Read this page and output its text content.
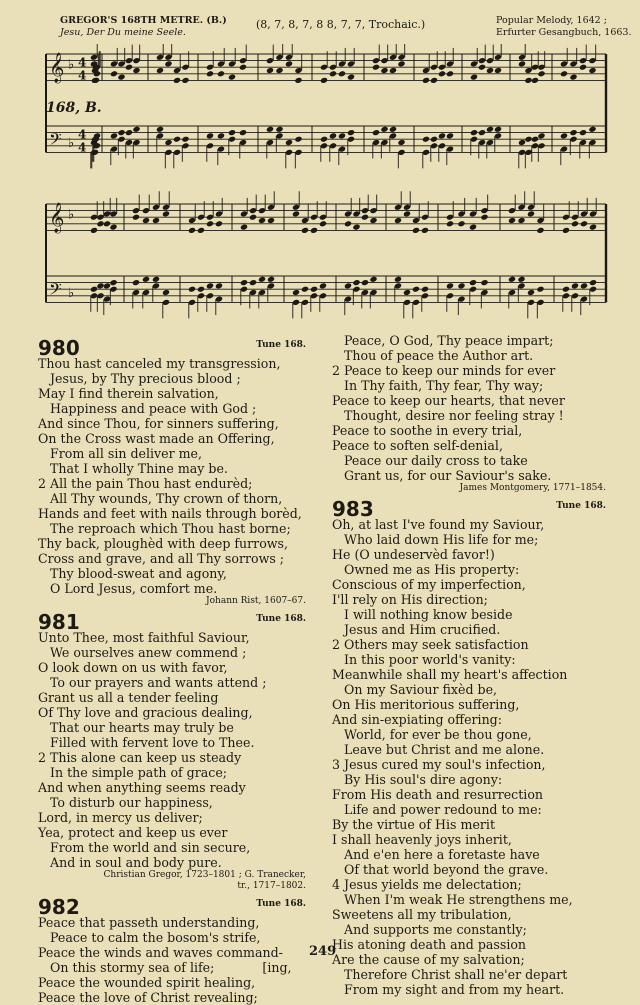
GREGOR'S 168TH METRE. (B.)
Jesu, Der Du meine Seele.
(8, 7, 8, 7, 8 8, 7, 7, Trochaic.)	Popular Melody, 1642 ;
Erfurter Gesangbuch, 1663.
𝄞 ♭ 4
4
𝄢 ♭
4
4
𝄞 ♭
𝄢 ♭
168, B.
980	Tune 168.
Thou hast canceled my transgression,
Jesus, by Thy precious blood ;
May I find therein salvation,
Happiness and peace with God ;
And since Thou, for sinners suffering,
On the Cross wast made an Offering,
From all sin deliver me,
That I wholly Thine may be.
2 All the pain Thou hast endurèd;
All Thy wounds, Thy crown of thorn,
Hands and feet with nails through borèd,
The reproach which Thou hast borne;
Thy back, ploughèd with deep furrows,
Cross and grave, and all Thy sorrows ;
Thy blood-sweat and agony,
O Lord Jesus, comfort me.
Johann Rist, 1607–67.
981	Tune 168.
Unto Thee, most faithful Saviour,
We ourselves anew commend ;
O look down on us with favor,
To our prayers and wants attend ;
Grant us all a tender feeling
Of Thy love and gracious dealing,
That our hearts may truly be
Filled with fervent love to Thee.
2 This alone can keep us steady
In the simple path of grace;
And when anything seems ready
To disturb our happiness,
Lord, in mercy us deliver;
Yea, protect and keep us ever
From the world and sin secure,
And in soul and body pure.
Christian Gregor, 1723–1801 ; G. Tranecker,
tr., 1717–1802.
982	Tune 168.
Peace that passeth understanding,
Peace to calm the bosom's strife,
Peace the winds and waves command-
On this stormy sea of life;            [ing,
Peace the wounded spirit healing,
Peace the love of Christ revealing;
Peace, O God, Thy peace impart;
Thou of peace the Author art.
2 Peace to keep our minds for ever
In Thy faith, Thy fear, Thy way;
Peace to keep our hearts, that never
Thought, desire nor feeling stray !
Peace to soothe in every trial,
Peace to soften self-denial,
Peace our daily cross to take
Grant us, for our Saviour's sake.
James Montgomery, 1771–1854.
983	Tune 168.
Oh, at last I've found my Saviour,
Who laid down His life for me;
He (O undeservèd favor!)
Owned me as His property:
Conscious of my imperfection,
I'll rely on His direction;
I will nothing know beside
Jesus and Him crucified.
2 Others may seek satisfaction
In this poor world's vanity:
Meanwhile shall my heart's affection
On my Saviour fixèd be,
On His meritorious suffering,
And sin-expiating offering:
World, for ever be thou gone,
Leave but Christ and me alone.
3 Jesus cured my soul's infection,
By His soul's dire agony:
From His death and resurrection
Life and power redound to me:
By the virtue of His merit
I shall heavenly joys inherit,
And e'en here a foretaste have
Of that world beyond the grave.
4 Jesus yields me delectation;
When I'm weak He strengthens me,
Sweetens all my tribulation,
And supports me constantly;
His atoning death and passion
Are the cause of my salvation;
Therefore Christ shall ne'er depart
From my sight and from my heart.
249
